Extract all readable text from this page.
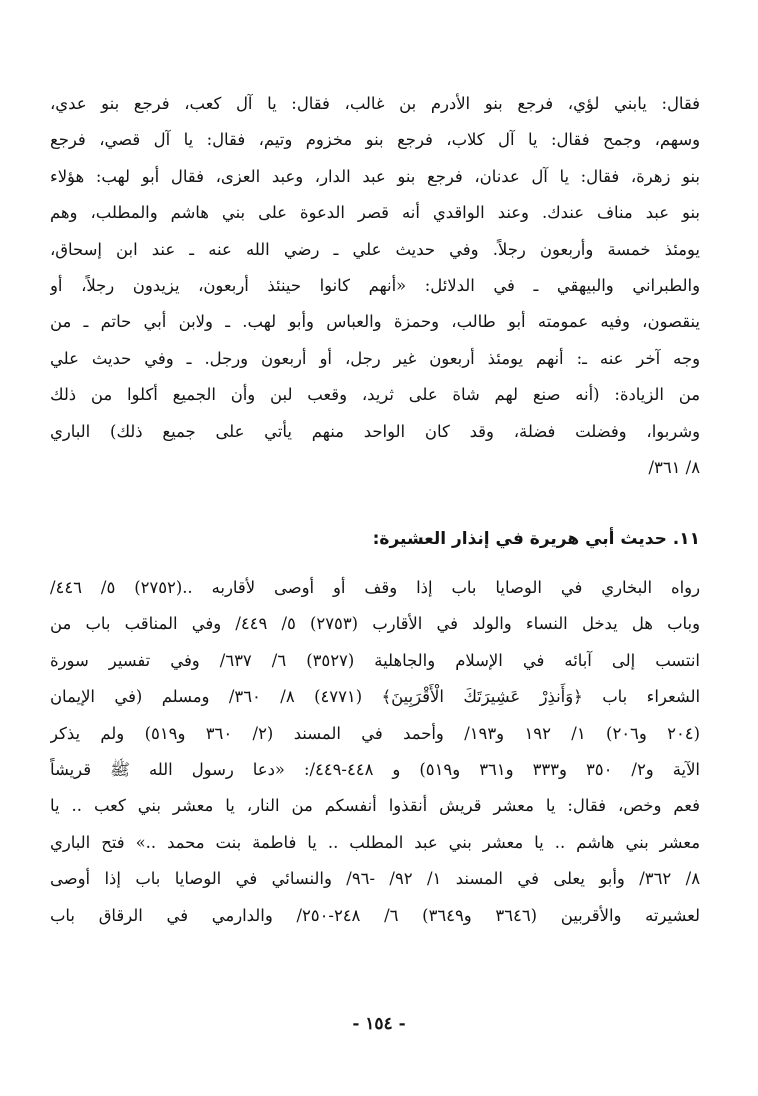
فقال: يابني لؤي، فرجع بنو الأدرم بن غالب، فقال: يا آل كعب، فرجع بنو عدي،
وسهم، وجمح فقال: يا آل كلاب، فرجع بنو مخزوم وتيم، فقال: يا آل قصي، فرجع
بنو زهرة، فقال: يا آل عدنان، فرجع بنو عبد الدار، وعبد العزى، فقال أبو لهب: هؤلاء
بنو عبد مناف عندك. وعند الواقدي أنه قصر الدعوة على بني هاشم والمطلب، وهم
يومئذ خمسة وأربعون رجلاً. وفي حديث علي ـ رضي الله عنه ـ عند ابن إسحاق،
والطبراني والبيهقي ـ في الدلائل: «أنهم كانوا حينئذ أربعون، يزيدون رجلاً، أو
ينقصون، وفيه عمومته أبو طالب، وحمزة والعباس وأبو لهب. ـ ولابن أبي حاتم ـ من
وجه آخر عنه ـ: أنهم يومئذ أربعون غير رجل، أو أربعون ورجل. ـ وفي حديث علي
من الزيادة: (أنه صنع لهم شاة على ثريد، وقعب لبن وأن الجميع أكلوا من ذلك
وشربوا، وفضلت فضلة، وقد كان الواحد منهم يأتي على جميع ذلك) الباري
٨/ ٣٦١/
١١. حديث أبي هريرة في إنذار العشيرة:
رواه البخاري في الوصايا باب إذا وقف أو أوصى لأقاربه ..(٢٧٥٢) ٥/ ٤٤٦/
وباب هل يدخل النساء والولد في الأقارب (٢٧٥٣) ٥/ ٤٤٩/ وفي المناقب باب من
انتسب إلى آبائه في الإسلام والجاهلية (٣٥٢٧) ٦/ ٦٣٧/ وفي تفسير سورة
الشعراء باب ﴿وَأَنذِرْ عَشِيرَتَكَ الْأَقْرَبِينَ﴾ (٤٧٧١) ٨/ ٣٦٠/ ومسلم (في الإيمان
(٢٠٤ و٢٠٦) ١/ ١٩٢ و١٩٣/ وأحمد في المسند (٢/ ٣٦٠ و٥١٩) ولم يذكر
الآية و٢/ ٣٥٠ و٣٣٣ و٣٦١ و٥١٩) و ٤٤٨-٤٤٩/: «دعا رسول الله ﷺ قريشاً
فعم وخص، فقال: يا معشر قريش أنقذوا أنفسكم من النار، يا معشر بني كعب .. يا
معشر بني هاشم .. يا معشر بني عبد المطلب .. يا فاطمة بنت محمد ..» فتح الباري
٨/ ٣٦٢/ وأبو يعلى في المسند ١/ ٩٢/ -٩٦/ والنسائي في الوصايا باب إذا أوصى
لعشيرته والأقربين (٣٦٤٦ و٣٦٤٩) ٦/ ٢٤٨-٢٥٠/ والدارمي في الرقاق باب
- ١٥٤ -
